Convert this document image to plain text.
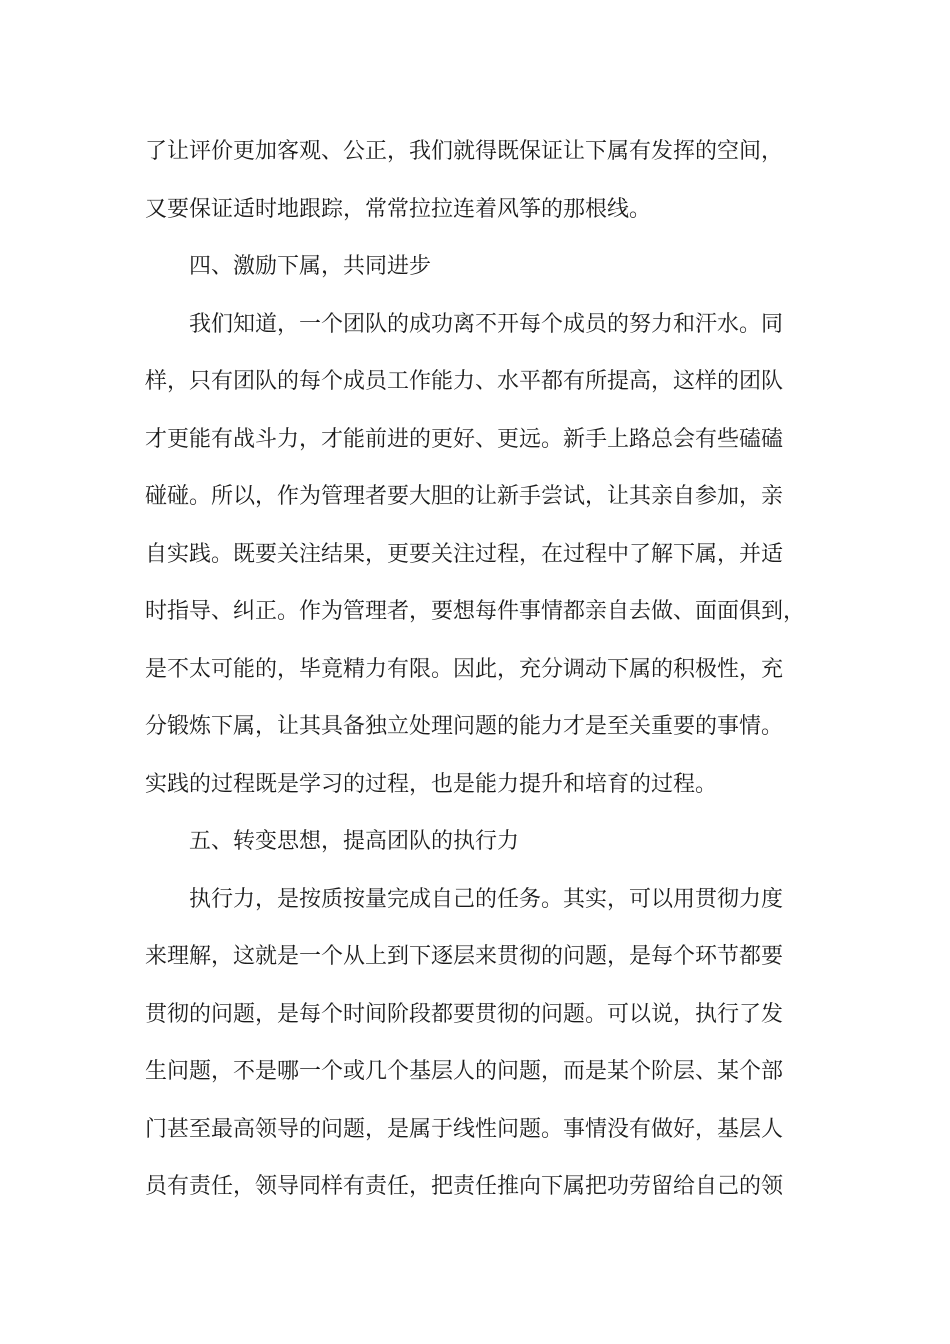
了让评价更加客观、公正，我们就得既保证让下属有发挥的空间，
又要保证适时地跟踪，常常拉拉连着风筝的那根线。
四、激励下属，共同进步
我们知道，一个团队的成功离不开每个成员的努力和汗水。同
样，只有团队的每个成员工作能力、水平都有所提高，这样的团队
才更能有战斗力，才能前进的更好、更远。新手上路总会有些磕磕
碰碰。所以，作为管理者要大胆的让新手尝试，让其亲自参加，亲
自实践。既要关注结果，更要关注过程，在过程中了解下属，并适
时指导、纠正。作为管理者，要想每件事情都亲自去做、面面俱到，
是不太可能的，毕竟精力有限。因此，充分调动下属的积极性，充
分锻炼下属，让其具备独立处理问题的能力才是至关重要的事情。
实践的过程既是学习的过程，也是能力提升和培育的过程。
五、转变思想，提高团队的执行力
执行力，是按质按量完成自己的任务。其实，可以用贯彻力度
来理解，这就是一个从上到下逐层来贯彻的问题，是每个环节都要
贯彻的问题，是每个时间阶段都要贯彻的问题。可以说，执行了发
生问题，不是哪一个或几个基层人的问题，而是某个阶层、某个部
门甚至最高领导的问题，是属于线性问题。事情没有做好，基层人
员有责任，领导同样有责任，把责任推向下属把功劳留给自己的领
